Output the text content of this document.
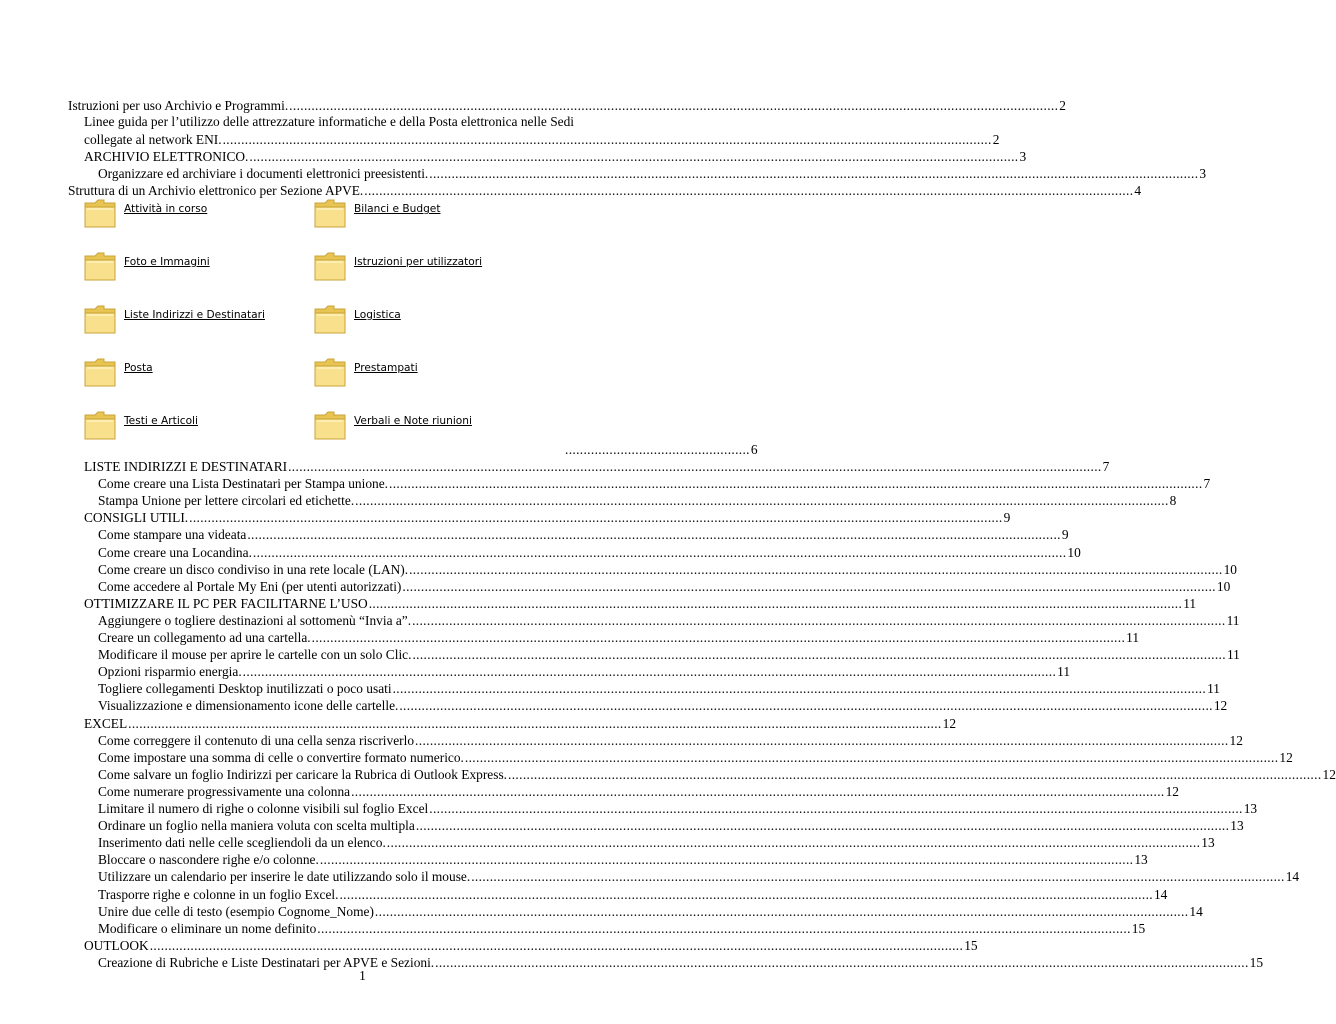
Istruzioni per uso Archivio e Programmi. ................................................................................................................................................................................................................ 2
Linee guida per l’utilizzo delle attrezzature informatiche e della Posta elettronica nelle Sedi
collegate al network ENI. ................................................................................................................................................................................................................ 2
ARCHIVIO ELETTRONICO. ................................................................................................................................................................................................................ 3
Organizzare ed archiviare i documenti elettronici preesistenti. ................................................................................................................................................................................................................ 3
Struttura di un Archivio elettronico per Sezione APVE. ................................................................................................................................................................................................................ 4
Attività in corso	Bilanci e Budget
Foto e Immagini	Istruzioni per utilizzatori
Liste Indirizzi e Destinatari	Logistica
Posta	Prestampati
Testi e Articoli	Verbali e Note riunioni
.................................................. 6
LISTE INDIRIZZI E DESTINATARI ............................................................................................................................................................................................................................ 7
Come creare una Lista Destinatari per Stampa unione. ............................................................................................................................................................................................................................ 7
Stampa Unione per lettere circolari ed etichette. ............................................................................................................................................................................................................................ 8
CONSIGLI UTILI. ............................................................................................................................................................................................................................ 9
Come stampare una videata ............................................................................................................................................................................................................................ 9
Come creare una Locandina. ............................................................................................................................................................................................................................ 10
Come creare un disco condiviso in una rete locale (LAN). ............................................................................................................................................................................................................................ 10
Come accedere al Portale My Eni (per utenti autorizzati) ............................................................................................................................................................................................................................ 10
OTTIMIZZARE IL PC PER FACILITARNE L’USO ............................................................................................................................................................................................................................ 11
Aggiungere o togliere destinazioni al sottomenù “Invia a”. ............................................................................................................................................................................................................................ 11
Creare un collegamento ad una cartella. ............................................................................................................................................................................................................................ 11
Modificare il mouse per aprire le cartelle con un solo Clic. ............................................................................................................................................................................................................................ 11
Opzioni risparmio energia. ............................................................................................................................................................................................................................ 11
Togliere collegamenti Desktop inutilizzati o poco usati ............................................................................................................................................................................................................................ 11
Visualizzazione e dimensionamento icone delle cartelle. ............................................................................................................................................................................................................................ 12
EXCEL ............................................................................................................................................................................................................................ 12
Come correggere il contenuto di una cella senza riscriverlo ............................................................................................................................................................................................................................ 12
Come impostare una somma di celle o convertire formato numerico. ............................................................................................................................................................................................................................ 12
Come salvare un foglio Indirizzi per caricare la Rubrica di Outlook Express. ............................................................................................................................................................................................................................ 12
Come numerare progressivamente una colonna ............................................................................................................................................................................................................................ 12
Limitare il numero di righe o colonne visibili sul foglio Excel ............................................................................................................................................................................................................................ 13
Ordinare un foglio nella maniera voluta con scelta multipla ............................................................................................................................................................................................................................ 13
Inserimento dati nelle celle scegliendoli da un elenco. ............................................................................................................................................................................................................................ 13
Bloccare o nascondere righe e/o colonne. ............................................................................................................................................................................................................................ 13
Utilizzare un calendario per inserire le date utilizzando solo il mouse. ............................................................................................................................................................................................................................ 14
Trasporre righe e colonne in un foglio Excel. ............................................................................................................................................................................................................................ 14
Unire due celle di testo (esempio Cognome_Nome) ............................................................................................................................................................................................................................ 14
Modificare o eliminare un nome definito ............................................................................................................................................................................................................................ 15
OUTLOOK ............................................................................................................................................................................................................................ 15
Creazione di Rubriche e Liste Destinatari per APVE e Sezioni. ............................................................................................................................................................................................................................ 15
1
